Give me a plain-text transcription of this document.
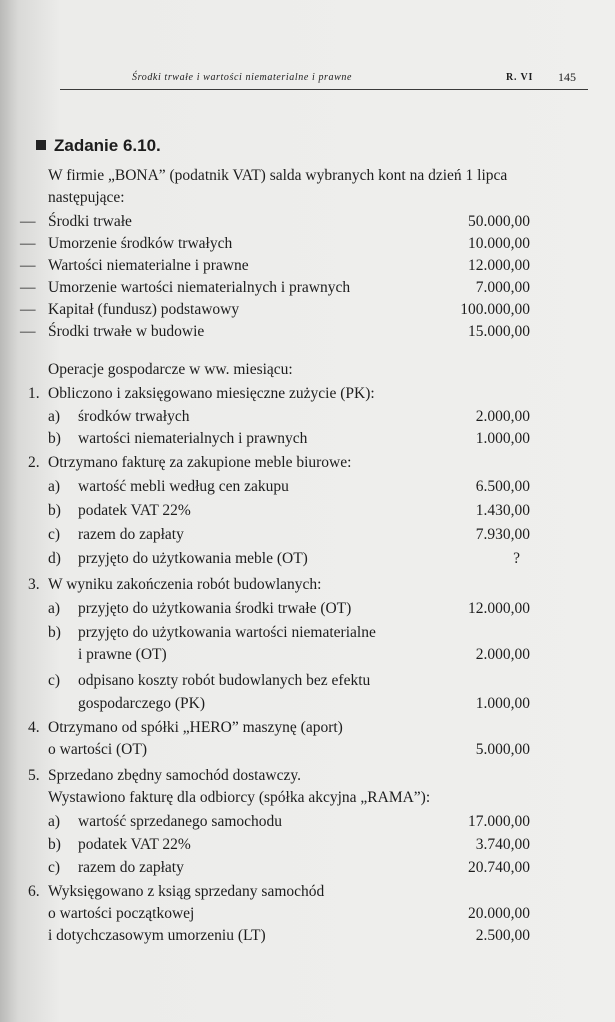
Środki trwałe i wartości niematerialne i prawne	R. VI 145
Zadanie 6.10.
W firmie „BONA” (podatnik VAT) salda wybranych kont na dzień 1 lipca
następujące:
— Środki trwałe	50.000,00
— Umorzenie środków trwałych	10.000,00
— Wartości niematerialne i prawne	12.000,00
— Umorzenie wartości niematerialnych i prawnych	7.000,00
— Kapitał (fundusz) podstawowy	100.000,00
— Środki trwałe w budowie	15.000,00
Operacje gospodarcze w ww. miesiącu:
1. Obliczono i zaksięgowano miesięczne zużycie (PK):
a) środków trwałych	2.000,00
b) wartości niematerialnych i prawnych	1.000,00
2. Otrzymano fakturę za zakupione meble biurowe:
a) wartość mebli według cen zakupu	6.500,00
b) podatek VAT 22%	1.430,00
c) razem do zapłaty	7.930,00
d) przyjęto do użytkowania meble (OT)	?
3. W wyniku zakończenia robót budowlanych:
a) przyjęto do użytkowania środki trwałe (OT)	12.000,00
b) przyjęto do użytkowania wartości niematerialne
i prawne (OT)	2.000,00
c) odpisano koszty robót budowlanych bez efektu
gospodarczego (PK)	1.000,00
4. Otrzymano od spółki „HERO” maszynę (aport)
o wartości (OT)	5.000,00
5. Sprzedano zbędny samochód dostawczy.
Wystawiono fakturę dla odbiorcy (spółka akcyjna „RAMA”):
a) wartość sprzedanego samochodu	17.000,00
b) podatek VAT 22%	3.740,00
c) razem do zapłaty	20.740,00
6. Wyksięgowano z ksiąg sprzedany samochód
o wartości początkowej	20.000,00
i dotychczasowym umorzeniu (LT)	2.500,00
